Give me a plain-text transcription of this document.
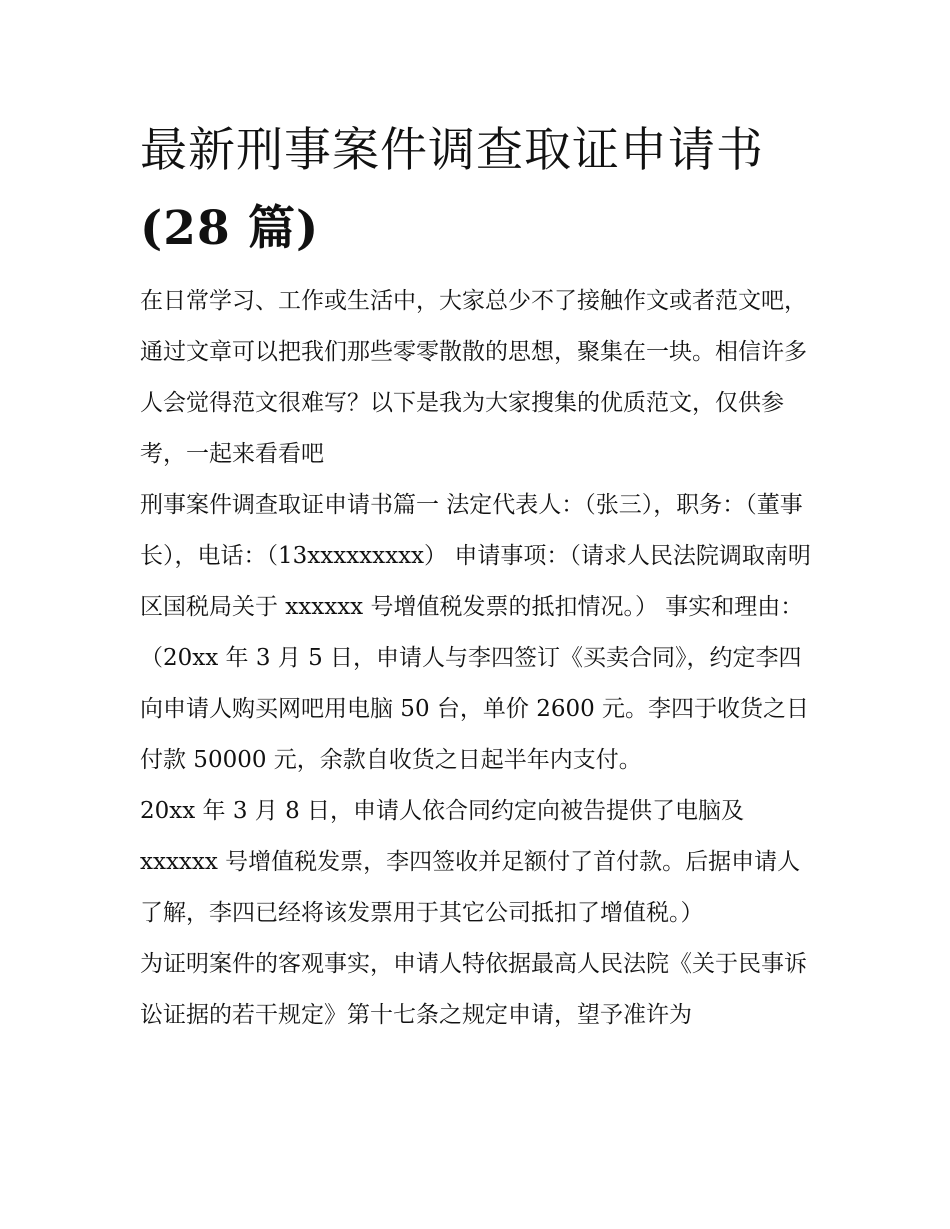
最新刑事案件调查取证申请书
(28 篇)

在日常学习、工作或生活中，大家总少不了接触作文或者范文吧，通过文章可以把我们那些零零散散的思想，聚集在一块。相信许多人会觉得范文很难写？以下是我为大家搜集的优质范文，仅供参考，一起来看看吧

刑事案件调查取证申请书篇一 法定代表人：（张三），职务：（董事长），电话：（13xxxxxxxxx） 申请事项：（请求人民法院调取南明区国税局关于 xxxxxx 号增值税发票的抵扣情况。） 事实和理由：

（20xx 年 3 月 5 日，申请人与李四签订《买卖合同》，约定李四向申请人购买网吧用电脑 50 台，单价 2600 元。李四于收货之日付款 50000 元，余款自收货之日起半年内支付。

20xx 年 3 月 8 日，申请人依合同约定向被告提供了电脑及 xxxxxx 号增值税发票，李四签收并足额付了首付款。后据申请人了解，李四已经将该发票用于其它公司抵扣了增值税。）

为证明案件的客观事实，申请人特依据最高人民法院《关于民事诉讼证据的若干规定》第十七条之规定申请，望予准许为
